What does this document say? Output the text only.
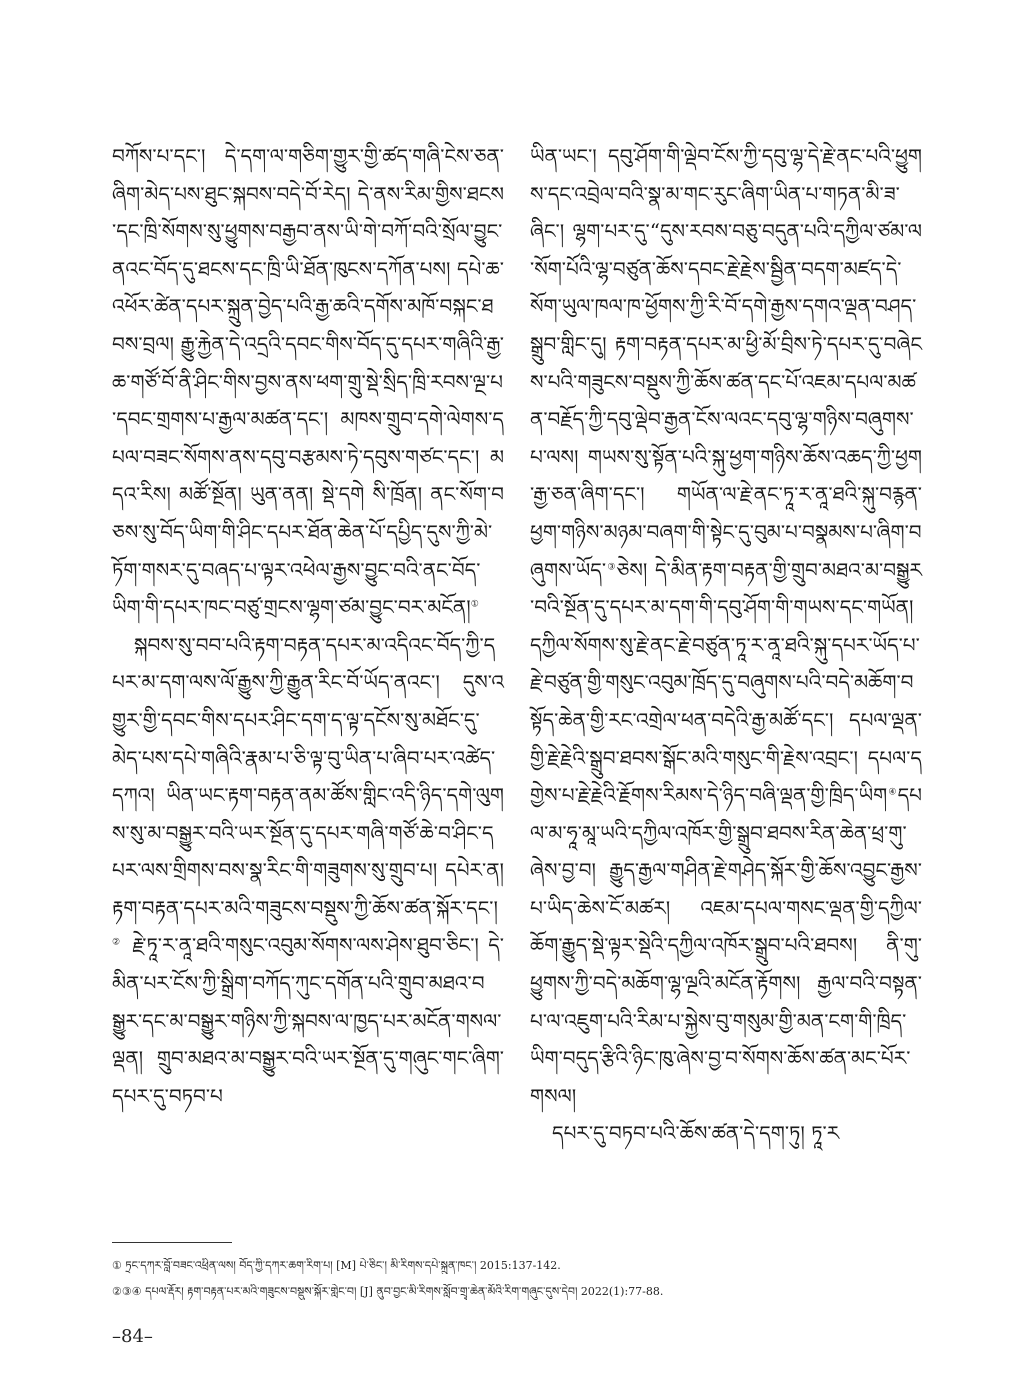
བཀོས་པ་དང་། དེ་དག་ལ་གཅིག་གྱུར་གྱི་ཚད་གཞི་ངེས་ཅན་ཞིག་མེད་པས་ཐུང་སྐབས་བདེ་བོ་རེད། དེ་ནས་རིམ་གྱིས་ཐངས་དང་ཁྲི་སོགས་སུ་ཕྱུགས་བརྒྱབ་ནས་ཡི་གེ་བཀོ་བའི་སྲོལ་བྱུང་ནའང་བོད་དུ་ཐངས་དང་ཁྲི་ཡི་ཐོན་ཁུངས་དཀོན་པས། དཔེ་ཆ་འཕོར་ཚེན་དཔར་སྐྲུན་བྱེད་པའི་རྒྱ་ཆའི་དགོས་མཁོ་བསྐང་ཐབས་བྲལ། རྒྱུ་རྐྱེན་དེ་འདྲའི་དབང་གིས་བོད་དུ་དཔར་གཞིའི་རྒྱ་ཆ་གཙོ་བོ་ནི་ཤིང་གིས་བྱས་ནས་ཕག་གྲུ་སྡེ་སྲིད་ཁྲི་རབས་ལྔ་པ་དབང་གྲགས་པ་རྒྱལ་མཚན་དང་། མཁས་གྲུབ་དགེ་ལེགས་དཔལ་བཟང་སོགས་ནས་དབུ་བརྩམས་ཏེ་དབུས་གཙང་དང་། མདའ་རིས། མཚོ་སྔོན། ཡུན་ནན། སྡེ་དགེ སི་ཁྲོན། ནང་སོག་བཅས་སུ་བོད་ཡིག་གི་ཤིང་དཔར་ཐོན་ཆེན་པོ་དཔྱིད་དུས་ཀྱི་མེ་ཏོག་གསར་དུ་བཞད་པ་ལྟར་འཕེལ་རྒྱས་བྱུང་བའི་ནང་བོད་ཡིག་གི་དཔར་ཁང་བཙུ་གྲངས་ལྷག་ཙམ་བྱུང་བར་མངོན།①

སྐབས་སུ་བབ་པའི་རྟག་བརྟན་དཔར་མ་འདིའང་བོད་ཀྱི་དཔར་མ་དག་ལས་ལོ་རྒྱུས་ཀྱི་རྒྱུན་རིང་བོ་ཡོད་ནའང་། དུས་འགྱུར་གྱི་དབང་གིས་དཔར་ཤིང་དག་ད་ལྟ་དངོས་སུ་མཐོང་དུ་མེད་པས་དཔེ་གཞིའི་རྣམ་པ་ཅི་ལྟ་བུ་ཡིན་པ་ཞིབ་པར་འཚེད་དཀའ། ཡིན་ཡང་རྟག་བརྟན་ནམ་ཚོས་གླིང་འདི་ཉིད་དགེ་ལུགས་སུ་མ་བསྒྱུར་བའི་ཡར་སྔོན་དུ་དཔར་གཞི་གཙོ་ཆེ་བ་ཤིང་དཔར་ལས་གྲིགས་བས་སྣ་རིང་གི་གཟུགས་སུ་གྲུབ་པ། དཔེར་ན། རྟག་བརྟན་དཔར་མའི་གཟུངས་བསྡུས་ཀྱི་ཆོས་ཚན་སྐོར་དང་།② རྗེ་ཏཱ་ར་ནཱ་ཐའི་གསུང་འབུམ་སོགས་ལས་ཤེས་ཐུབ་ཅིང་། དེ་མིན་པར་ངོས་ཀྱི་སྒྲིག་བཀོད་ཀུང་དགོན་པའི་གྲུབ་མཐའ་བསྒྱུར་དང་མ་བསྒྱུར་གཉིས་ཀྱི་སྐབས་ལ་ཁྱད་པར་མངོན་གསལ་ལྡན། གྲུབ་མཐའ་མ་བསྒྱུར་བའི་ཡར་སྔོན་དུ་གཞུང་གང་ཞིག་དཔར་དུ་བཏབ་པ

ཡིན་ཡང་། དབུ་ཤོག་གི་ལྡེབ་ངོས་ཀྱི་དབུ་ལྷ་དེ་རྗེ་ནང་པའི་ཕྱུགས་དང་འབྲེལ་བའི་སྣ་མ་གང་རུང་ཞིག་ཡིན་པ་གཏན་མི་ཟ་ཞིང་། ལྷག་པར་དུ་“དུས་རབས་བཅུ་བདུན་པའི་དཀྱིལ་ཙམ་ལ་སོག་པོའི་ལྷ་བཙུན་ཆོས་དབང་རྗེ་རྗེས་སྦྱིན་བདག་མཛད་དེ་སོག་ཡུལ་ཁལ་ཁ་ཕྱོགས་ཀྱི་རི་བོ་དགེ་རྒྱས་དགའ་ལྡན་བཤད་སྒྲུབ་གླིང་དུ། རྟག་བརྟན་དཔར་མ་ཕྱི་མོ་བྲིས་ཏེ་དཔར་དུ་བཞེངས་པའི་གཟུངས་བསྡུས་ཀྱི་ཆོས་ཚན་དང་པོ་འཇམ་དཔལ་མཚན་བརྗོད་ཀྱི་དབུ་ལྡེབ་རྒྱན་ངོས་ལའང་དབུ་ལྷ་གཉིས་བཞུགས་པ་ལས། གཡས་སུ་སྟོན་པའི་སྐུ་ཕྱག་གཉིས་ཆོས་འཆད་ཀྱི་ཕྱག་རྒྱ་ཅན་ཞིག་དང་། གཡོན་ལ་རྗེ་ནང་ཏཱ་ར་ནཱ་ཐའི་སྐུ་བརྙན་ཕྱག་གཉིས་མཉམ་བཞག་གི་སྟེང་དུ་བུམ་པ་བསྣམས་པ་ཞིག་བཞུགས་ཡོད་③ཅེས། དེ་མིན་རྟག་བརྟན་གྱི་གྲུབ་མཐའ་མ་བསྒྱུར་བའི་སྔོན་དུ་དཔར་མ་དག་གི་དབུ་ཤོག་གི་གཡས་དང་གཡོན། དཀྱིལ་སོགས་སུ་རྗེ་ནང་རྗེ་བཙུན་ཏཱ་ར་ནཱ་ཐའི་སྐུ་དཔར་ཡོད་པ་རྗེ་བཙུན་གྱི་གསུང་འབུམ་ཁྲོད་དུ་བཞུགས་པའི་བདེ་མཆོག་བསྟོད་ཆེན་གྱི་རང་འགྲེལ་ཕན་བདེའི་རྒྱ་མཚོ་དང་། དཔལ་ལྡན་གྱི་རྗེ་རྗེའི་སྒྲུབ་ཐབས་སྒོང་མའི་གསུང་གི་རྗེས་འབྲང་། དཔལ་དགྱེས་པ་རྗེ་རྗེའི་རྗོགས་རིམས་དེ་ཉིད་བཞི་ལྡན་གྱི་ཁྲིད་ཡིག④དཔལ་མ་ཧཱ་མཱ་ཡའི་དཀྱིལ་འཁོར་གྱི་སྒྲུབ་ཐབས་རིན་ཆེན་ཕྲ་གུ་ཞེས་བྱ་བ། རྒྱུད་རྒྱལ་གཤིན་རྗེ་གཤེད་སྐོར་གྱི་ཆོས་འབྱུང་རྒྱས་པ་ཡིད་ཆེས་ངོ་མཚར། འཇམ་དཔལ་གསང་ལྡན་གྱི་དཀྱིལ་ཆོག་རྒྱུད་སྡེ་ལྟར་སྡེའི་དཀྱིལ་འཁོར་སྒྲུབ་པའི་ཐབས། ནི་གུ་ཕྱུགས་ཀྱི་བདེ་མཆོག་ལྷ་ལྔའི་མངོན་རྟོགས། རྒྱལ་བའི་བསྟན་པ་ལ་འཇུག་པའི་རིམ་པ་སྐྱེས་བུ་གསུམ་གྱི་མན་ངག་གི་ཁྲིད་ཡིག་བདུད་རྩིའི་ཉིང་ཁུ་ཞེས་བྱ་བ་སོགས་ཆོས་ཚན་མང་པོར་གསལ།

དཔར་དུ་བཏབ་པའི་ཆོས་ཚན་དེ་དག་ཏུ། ཏཱ་ར

① ཏྲང་དཀར་བློ་བཟང་འཕྲིན་ལས། བོད་ཀྱི་དཀར་ཆག་རིག་པ། [M] པེ་ཅིང་། མི་རིགས་དཔེ་སྐྲུན་ཁང་། 2015:137-142.
②③④ དཔལ་རྡོར། རྟག་བརྟན་པར་མའི་གཟུངས་བསྡུས་སྐོར་གླེང་བ། [J] ནུབ་བྱང་མི་རིགས་སློབ་གྲྭ་ཆེན་མོའི་རིག་གཞུང་དུས་དེབ། 2022(1):77-88.
–84–
